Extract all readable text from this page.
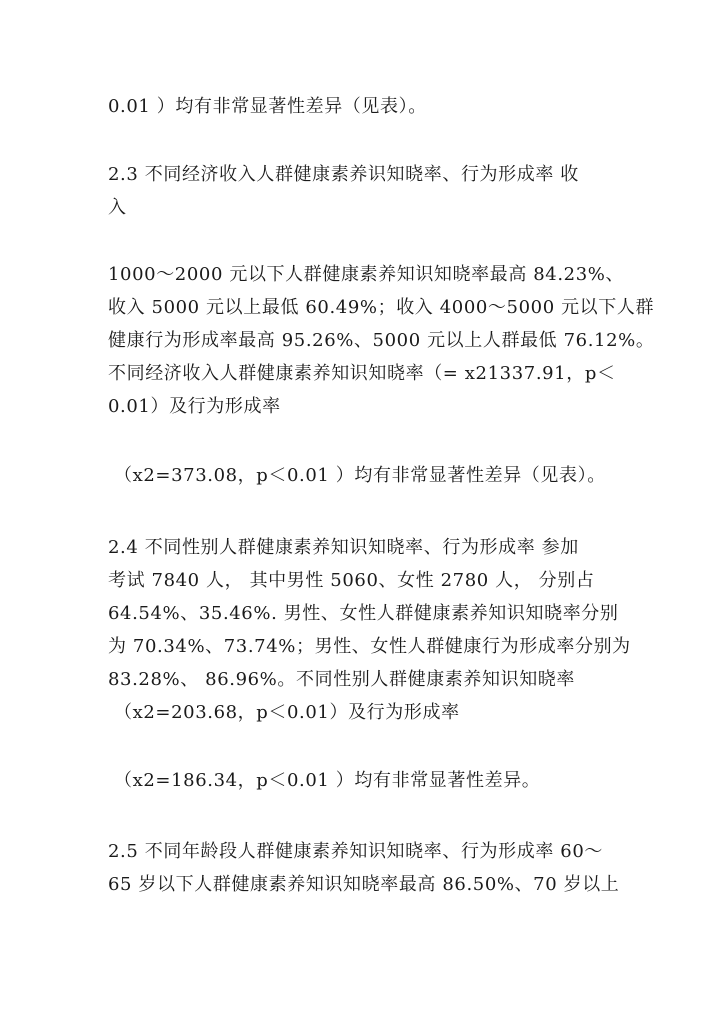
0.01 ）均有非常显著性差异（见表）。
2.3 不同经济收入人群健康素养识知晓率、行为形成率 收
入
1000～2000 元以下人群健康素养知识知晓率最高 84.23%、
收入 5000 元以上最低 60.49%；收入 4000～5000 元以下人群
健康行为形成率最高 95.26%、5000 元以上人群最低 76.12%。
不同经济收入人群健康素养知识知晓率（= x21337.91，p＜
0.01）及行为形成率
（x2=373.08，p＜0.01 ）均有非常显著性差异（见表）。
2.4 不同性别人群健康素养知识知晓率、行为形成率 参加
考试 7840 人， 其中男性 5060、女性 2780 人， 分别占
64.54%、35.46%. 男性、女性人群健康素养知识知晓率分别
为 70.34%、73.74%；男性、女性人群健康行为形成率分别为
83.28%、 86.96%。不同性别人群健康素养知识知晓率
（x2=203.68，p＜0.01）及行为形成率
（x2=186.34，p＜0.01 ）均有非常显著性差异。
2.5 不同年龄段人群健康素养知识知晓率、行为形成率 60～
65 岁以下人群健康素养知识知晓率最高 86.50%、70 岁以上
